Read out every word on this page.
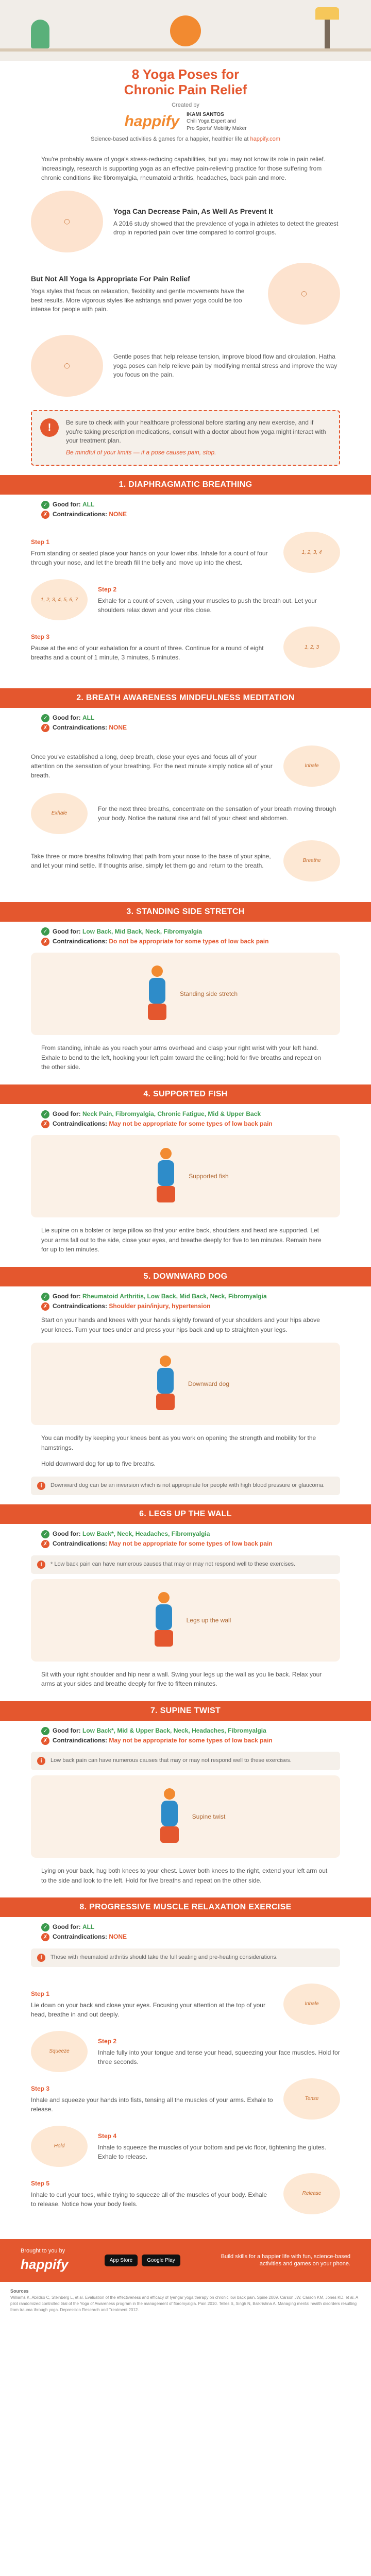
8 Yoga Poses for
Chronic Pain Relief
Created by
happify IKAMI SANTOS
Chili Yoga Expert and
Pro Sports' Mobility Maker
Science-based activities & games for a happier, healthier life at happify.com
You're probably aware of yoga's stress-reducing capabilities, but you may not know its role in pain relief. Increasingly, research is supporting yoga as an effective pain-relieving practice for those suffering from chronic conditions like fibromyalgia, rheumatoid arthritis, headaches, back pain and more.
◯
Yoga Can Decrease Pain, As Well As Prevent It
A 2016 study showed that the prevalence of yoga in athletes to detect the greatest drop in reported pain over time compared to control groups.
But Not All Yoga Is Appropriate For Pain Relief
Yoga styles that focus on relaxation, flexibility and gentle movements have the best results. More vigorous styles like ashtanga and power yoga could be too intense for people with pain.
◯
◯
Gentle poses that help release tension, improve blood flow and circulation. Hatha yoga poses can help relieve pain by modifying mental stress and improve the way you focus on the pain.
!	Be sure to check with your healthcare professional before starting any new exercise, and if you're taking prescription medications, consult with a doctor about how yoga might interact with your treatment plan.
Be mindful of your limits — if a pose causes pain, stop.
1. DIAPHRAGMATIC BREATHING
✓ Good for: ALL
✗ Contraindications: NONE
Step 1
From standing or seated place your hands on your lower ribs. Inhale for a count of four through your nose, and let the breath fill the belly and move up into the chest.
1, 2, 3, 4
1, 2, 3, 4, 5, 6, 7
Step 2
Exhale for a count of seven, using your muscles to push the breath out. Let your shoulders relax down and your ribs close.
Step 3
Pause at the end of your exhalation for a count of three. Continue for a round of eight breaths and a count of 1 minute, 3 minutes, 5 minutes.
1, 2, 3
2. BREATH AWARENESS MINDFULNESS MEDITATION
✓ Good for: ALL
✗ Contraindications: NONE
Once you've established a long, deep breath, close your eyes and focus all of your attention on the sensation of your breathing. For the next minute simply notice all of your breath.
Inhale
Exhale
For the next three breaths, concentrate on the sensation of your breath moving through your body. Notice the natural rise and fall of your chest and abdomen.
Take three or more breaths following that path from your nose to the base of your spine, and let your mind settle. If thoughts arise, simply let them go and return to the breath.
Breathe
3. STANDING SIDE STRETCH
✓ Good for: Low Back, Mid Back, Neck, Fibromyalgia
✗ Contraindications: Do not be appropriate for some types of low back pain
Standing side stretch
From standing, inhale as you reach your arms overhead and clasp your right wrist with your left hand. Exhale to bend to the left, hooking your left palm toward the ceiling; hold for five breaths and repeat on the other side.
4. SUPPORTED FISH
✓ Good for: Neck Pain, Fibromyalgia, Chronic Fatigue, Mid & Upper Back
✗ Contraindications: May not be appropriate for some types of low back pain
Supported fish
Lie supine on a bolster or large pillow so that your entire back, shoulders and head are supported. Let your arms fall out to the side, close your eyes, and breathe deeply for five to ten minutes. Remain here for up to ten minutes.
5. DOWNWARD DOG
✓ Good for: Rheumatoid Arthritis, Low Back, Mid Back, Neck, Fibromyalgia
✗ Contraindications: Shoulder pain/injury, hypertension
Start on your hands and knees with your hands slightly forward of your shoulders and your hips above your knees. Turn your toes under and press your hips back and up to straighten your legs.
Downward dog
You can modify by keeping your knees bent as you work on opening the strength and mobility for the hamstrings.
Hold downward dog for up to five breaths.
i Downward dog can be an inversion which is not appropriate for people with high blood pressure or glaucoma.
6. LEGS UP THE WALL
✓ Good for: Low Back*, Neck, Headaches, Fibromyalgia
✗ Contraindications: May not be appropriate for some types of low back pain
i * Low back pain can have numerous causes that may or may not respond well to these exercises.
Legs up the wall
Sit with your right shoulder and hip near a wall. Swing your legs up the wall as you lie back. Relax your arms at your sides and breathe deeply for five to fifteen minutes.
7. SUPINE TWIST
✓ Good for: Low Back*, Mid & Upper Back, Neck, Headaches, Fibromyalgia
✗ Contraindications: May not be appropriate for some types of low back pain
i Low back pain can have numerous causes that may or may not respond well to these exercises.
Supine twist
Lying on your back, hug both knees to your chest. Lower both knees to the right, extend your left arm out to the side and look to the left. Hold for five breaths and repeat on the other side.
8. PROGRESSIVE MUSCLE RELAXATION EXERCISE
✓ Good for: ALL
✗ Contraindications: NONE
i Those with rheumatoid arthritis should take the full seating and pre-heating considerations.
Step 1
Lie down on your back and close your eyes. Focusing your attention at the top of your head, breathe in and out deeply.
Inhale
Squeeze
Step 2
Inhale fully into your tongue and tense your head, squeezing your face muscles. Hold for three seconds.
Step 3
Inhale and squeeze your hands into fists, tensing all the muscles of your arms. Exhale to release.
Tense
Hold
Step 4
Inhale to squeeze the muscles of your bottom and pelvic floor, tightening the glutes. Exhale to release.
Step 5
Inhale to curl your toes, while trying to squeeze all of the muscles of your body. Exhale to release. Notice how your body feels.
Release
Brought to you by
happify	App Store	Google Play
Build skills for a happier life with fun, science-based activities and games on your phone.
Sources
Williams K, Abildso C, Steinberg L, et al. Evaluation of the effectiveness and efficacy of Iyengar yoga therapy on chronic low back pain. Spine 2009. Carson JW, Carson KM, Jones KD, et al. A pilot randomized controlled trial of the Yoga of Awareness program in the management of fibromyalgia. Pain 2010. Telles S, Singh N, Balkrishna A. Managing mental health disorders resulting from trauma through yoga. Depression Research and Treatment 2012.
